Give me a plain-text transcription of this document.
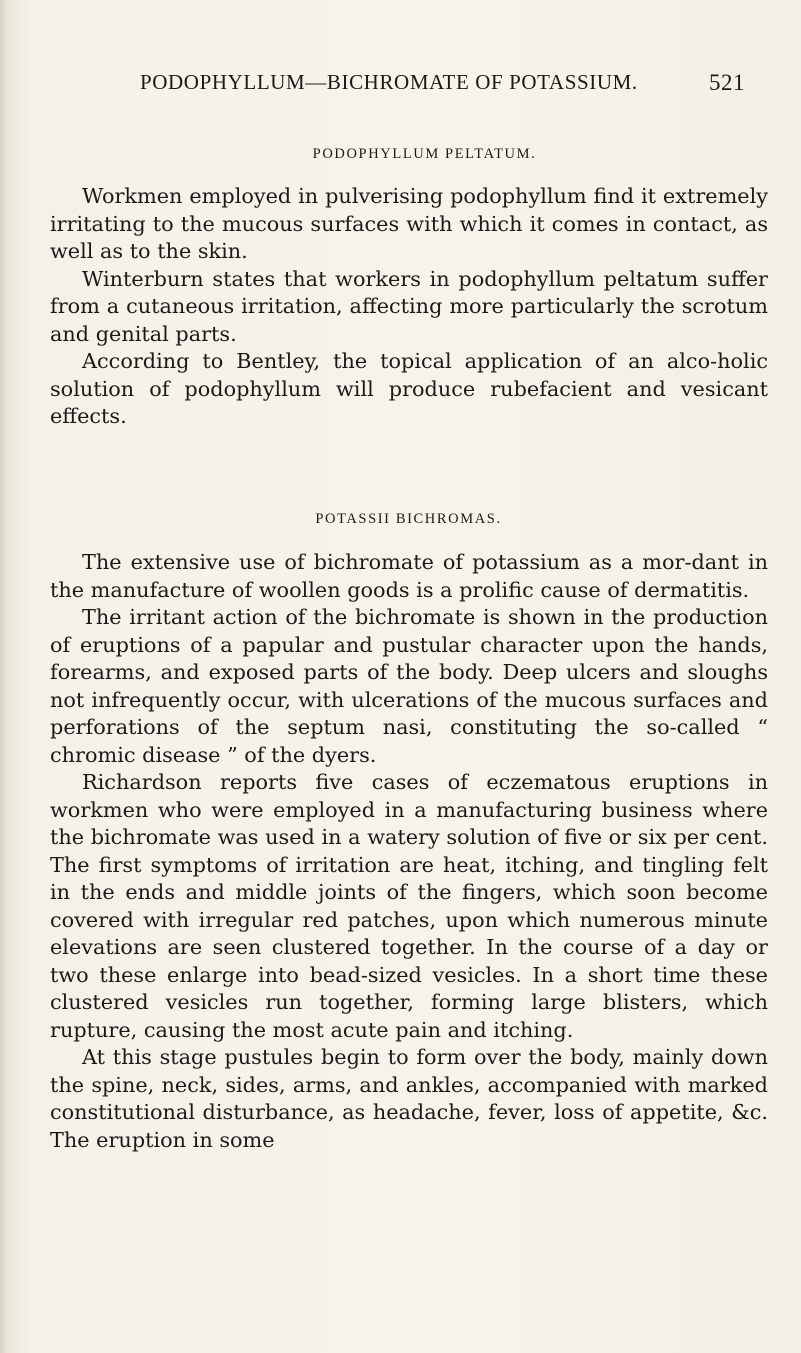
PODOPHYLLUM—BICHROMATE OF POTASSIUM.	521
PODOPHYLLUM PELTATUM.

Workmen employed in pulverising podophyllum find it extremely irritating to the mucous surfaces with which it comes in contact, as well as to the skin.

Winterburn states that workers in podophyllum peltatum suffer from a cutaneous irritation, affecting more particularly the scrotum and genital parts.

According to Bentley, the topical application of an alco-holic solution of podophyllum will produce rubefacient and vesicant effects.

POTASSII BICHROMAS.

The extensive use of bichromate of potassium as a mor-dant in the manufacture of woollen goods is a prolific cause of dermatitis.

The irritant action of the bichromate is shown in the production of eruptions of a papular and pustular character upon the hands, forearms, and exposed parts of the body. Deep ulcers and sloughs not infrequently occur, with ulcerations of the mucous surfaces and perforations of the septum nasi, constituting the so-called “ chromic disease ” of the dyers.

Richardson reports five cases of eczematous eruptions in workmen who were employed in a manufacturing business where the bichromate was used in a watery solution of five or six per cent. The first symptoms of irritation are heat, itching, and tingling felt in the ends and middle joints of the fingers, which soon become covered with irregular red patches, upon which numerous minute elevations are seen clustered together. In the course of a day or two these enlarge into bead-sized vesicles. In a short time these clustered vesicles run together, forming large blisters, which rupture, causing the most acute pain and itching.

At this stage pustules begin to form over the body, mainly down the spine, neck, sides, arms, and ankles, accompanied with marked constitutional disturbance, as headache, fever, loss of appetite, &c. The eruption in some
